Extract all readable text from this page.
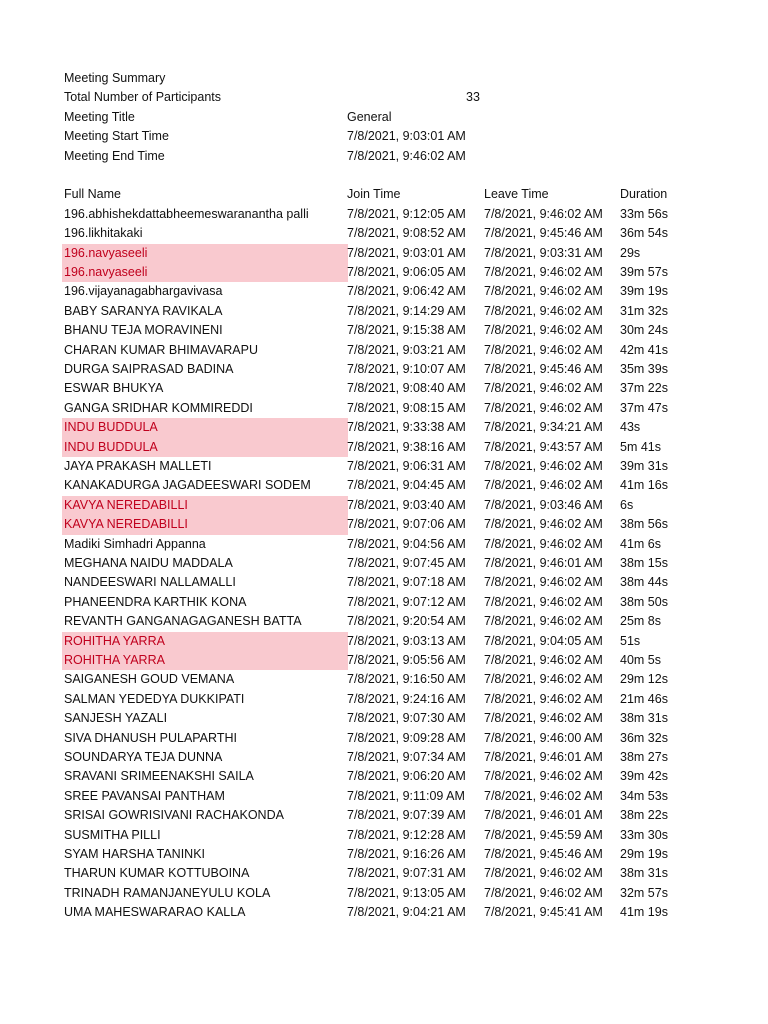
Meeting Summary
Total Number of Participants	33
Meeting Title	General
Meeting Start Time	7/8/2021, 9:03:01 AM
Meeting End Time	7/8/2021, 9:46:02 AM
Full Name	Join Time	Leave Time	Duration
196.abhishekdattabheemeswaranantha palli	7/8/2021, 9:12:05 AM	7/8/2021, 9:46:02 AM	33m 56s
196.likhitakaki	7/8/2021, 9:08:52 AM	7/8/2021, 9:45:46 AM	36m 54s
196.navyaseeli	7/8/2021, 9:03:01 AM	7/8/2021, 9:03:31 AM	29s
196.navyaseeli	7/8/2021, 9:06:05 AM	7/8/2021, 9:46:02 AM	39m 57s
196.vijayanagabhargavivasa	7/8/2021, 9:06:42 AM	7/8/2021, 9:46:02 AM	39m 19s
BABY SARANYA RAVIKALA	7/8/2021, 9:14:29 AM	7/8/2021, 9:46:02 AM	31m 32s
BHANU TEJA MORAVINENI	7/8/2021, 9:15:38 AM	7/8/2021, 9:46:02 AM	30m 24s
CHARAN KUMAR BHIMAVARAPU	7/8/2021, 9:03:21 AM	7/8/2021, 9:46:02 AM	42m 41s
DURGA SAIPRASAD BADINA	7/8/2021, 9:10:07 AM	7/8/2021, 9:45:46 AM	35m 39s
ESWAR BHUKYA	7/8/2021, 9:08:40 AM	7/8/2021, 9:46:02 AM	37m 22s
GANGA SRIDHAR KOMMIREDDI	7/8/2021, 9:08:15 AM	7/8/2021, 9:46:02 AM	37m 47s
INDU BUDDULA	7/8/2021, 9:33:38 AM	7/8/2021, 9:34:21 AM	43s
INDU BUDDULA	7/8/2021, 9:38:16 AM	7/8/2021, 9:43:57 AM	5m 41s
JAYA PRAKASH MALLETI	7/8/2021, 9:06:31 AM	7/8/2021, 9:46:02 AM	39m 31s
KANAKADURGA JAGADEESWARI SODEM	7/8/2021, 9:04:45 AM	7/8/2021, 9:46:02 AM	41m 16s
KAVYA NEREDABILLI	7/8/2021, 9:03:40 AM	7/8/2021, 9:03:46 AM	6s
KAVYA NEREDABILLI	7/8/2021, 9:07:06 AM	7/8/2021, 9:46:02 AM	38m 56s
Madiki Simhadri Appanna	7/8/2021, 9:04:56 AM	7/8/2021, 9:46:02 AM	41m 6s
MEGHANA NAIDU MADDALA	7/8/2021, 9:07:45 AM	7/8/2021, 9:46:01 AM	38m 15s
NANDEESWARI NALLAMALLI	7/8/2021, 9:07:18 AM	7/8/2021, 9:46:02 AM	38m 44s
PHANEENDRA KARTHIK KONA	7/8/2021, 9:07:12 AM	7/8/2021, 9:46:02 AM	38m 50s
REVANTH GANGANAGAGANESH BATTA	7/8/2021, 9:20:54 AM	7/8/2021, 9:46:02 AM	25m 8s
ROHITHA YARRA	7/8/2021, 9:03:13 AM	7/8/2021, 9:04:05 AM	51s
ROHITHA YARRA	7/8/2021, 9:05:56 AM	7/8/2021, 9:46:02 AM	40m 5s
SAIGANESH GOUD VEMANA	7/8/2021, 9:16:50 AM	7/8/2021, 9:46:02 AM	29m 12s
SALMAN YEDEDYA DUKKIPATI	7/8/2021, 9:24:16 AM	7/8/2021, 9:46:02 AM	21m 46s
SANJESH YAZALI	7/8/2021, 9:07:30 AM	7/8/2021, 9:46:02 AM	38m 31s
SIVA DHANUSH PULAPARTHI	7/8/2021, 9:09:28 AM	7/8/2021, 9:46:00 AM	36m 32s
SOUNDARYA TEJA DUNNA	7/8/2021, 9:07:34 AM	7/8/2021, 9:46:01 AM	38m 27s
SRAVANI SRIMEENAKSHI SAILA	7/8/2021, 9:06:20 AM	7/8/2021, 9:46:02 AM	39m 42s
SREE PAVANSAI PANTHAM	7/8/2021, 9:11:09 AM	7/8/2021, 9:46:02 AM	34m 53s
SRISAI GOWRISIVANI RACHAKONDA	7/8/2021, 9:07:39 AM	7/8/2021, 9:46:01 AM	38m 22s
SUSMITHA PILLI	7/8/2021, 9:12:28 AM	7/8/2021, 9:45:59 AM	33m 30s
SYAM HARSHA TANINKI	7/8/2021, 9:16:26 AM	7/8/2021, 9:45:46 AM	29m 19s
THARUN KUMAR KOTTUBOINA	7/8/2021, 9:07:31 AM	7/8/2021, 9:46:02 AM	38m 31s
TRINADH RAMANJANEYULU KOLA	7/8/2021, 9:13:05 AM	7/8/2021, 9:46:02 AM	32m 57s
UMA MAHESWARARAO KALLA	7/8/2021, 9:04:21 AM	7/8/2021, 9:45:41 AM	41m 19s
